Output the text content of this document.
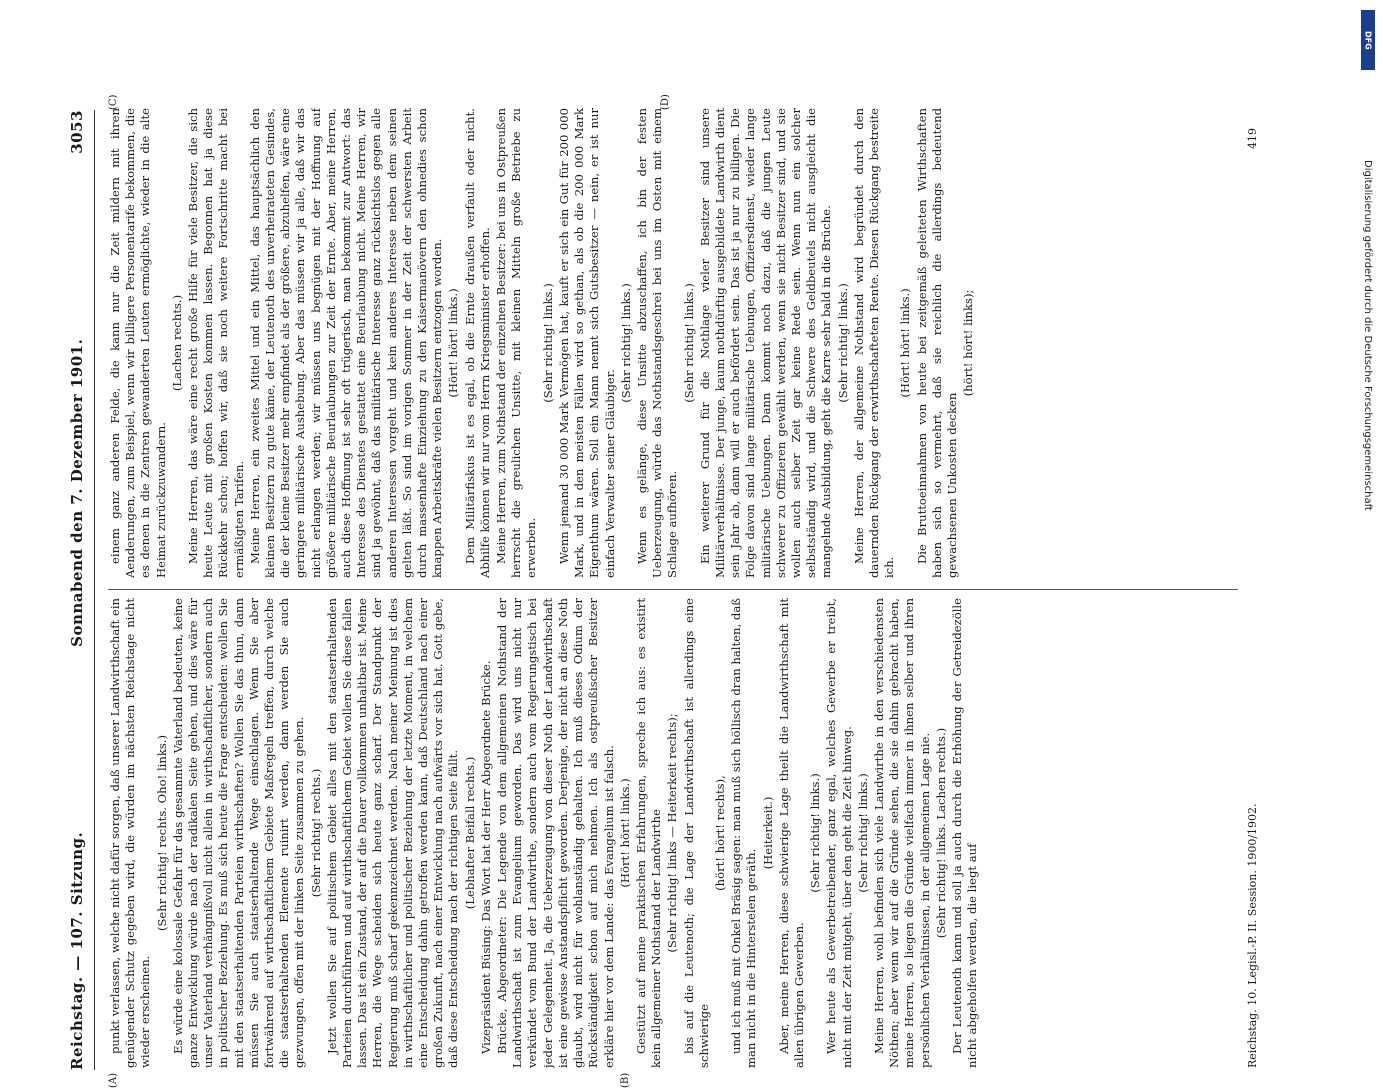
Reichstag. — 107. Sitzung.
Sonnabend den 7. Dezember 1901.
3053
(A)	(B)
(C)	(D)

punkt verlassen, welche nicht dafür sorgen, daß unserer Landwirthschaft ein genügender Schutz gegeben wird, die würden im nächsten Reichstage nicht wieder erscheinen.

(Sehr richtig! rechts. Oho! links.) Es würde eine kolossale Gefahr für das gesammte Vaterland bedeuten, keine ganze Entwicklung würde nach der radikalen Seite gehen, und dies wäre für unser Vaterland verhängnißvoll nicht allein in wirthschaftlicher, sondern auch in politischer Beziehung. Es muß sich heute die Frage entscheiden: wollen Sie mit den staatserhaltenden Parteien wirthschaften? Wollen Sie das thun, dann müssen Sie auch staatserhaltende Wege einschlagen. Wenn Sie aber fortwährend auf wirthschaftlichem Gebiete Maßregeln treffen, durch welche die staatserhaltenden Elemente ruinirt werden, dann werden Sie auch gezwungen, offen mit der linken Seite zusammen zu gehen. (Sehr richtig! rechts.) Jetzt wollen Sie auf politischem Gebiet alles mit den staatserhaltenden Parteien durchführen und auf wirthschaftlichem Gebiet wollen Sie diese fallen lassen. Das ist ein Zustand, der auf die Dauer vollkommen unhaltbar ist. Meine Herren, die Wege scheiden sich heute ganz scharf. Der Standpunkt der Regierung muß scharf gekennzeichnet werden. Nach meiner Meinung ist dies in wirthschaftlicher und politischer Beziehung der letzte Moment, in welchem eine Entscheidung dahin getroffen werden kann, daß Deutschland nach einer großen Zukunft, nach einer Entwicklung nach aufwärts vor sich hat. Gott gebe, daß diese Entscheidung nach der richtigen Seite fällt. (Lebhafter Beifall rechts.) Vizepräsident Büsing: Das Wort hat der Herr Abgeordnete Brücke. Brücke, Abgeordneter: Die Legende von dem allgemeinen Nothstand der Landwirthschaft ist zum Evangelium geworden. Das wird uns nicht nur verkündet vom Bund der Landwirthe, sondern auch vom Regierungstisch bei jeder Gelegenheit. Ja, die Ueberzeugung von dieser Noth der Landwirthschaft ist eine gewisse Anstandspflicht geworden. Derjenige, der nicht an diese Noth glaubt, wird nicht für wohlanständig gehalten. Ich muß dieses Odium der Rückständigkeit schon auf mich nehmen. Ich als ostpreußischer Besitzer erkläre hier vor dem Lande: das Evangelium ist falsch. (Hört! hört! links.) Gestützt auf meine praktischen Erfahrungen, spreche ich aus: es existirt kein allgemeiner Nothstand der Landwirthe (Sehr richtig! links — Heiterkeit rechts); bis auf die Leutenoth; die Lage der Landwirthschaft ist allerdings eine schwierige

(hört! hört! rechts), und ich muß mit Onkel Bräsig sagen: man muß sich höllisch dran halten, daß man nicht in die Hinterstelen geräth.

(Heiterkeit.) Aber, meine Herren, diese schwierige Lage theilt die Landwirthschaft mit allen übrigen Gewerben.

(Sehr richtig! links.) Wer heute als Gewerbetreibender, ganz egal, welches Gewerbe er treibt, nicht mit der Zeit mitgeht, über den geht die Zeit hinweg. (Sehr richtig! links.) Meine Herren, wohl befinden sich viele Landwirthe in den verschiedensten Nöthen; aber wenn wir auf die Gründe sehen, die sie dahin gebracht haben, meine Herren, so liegen die Gründe vielfach immer in ihnen selber und ihren persönlichen Verhältnissen, in der allgemeinen Lage nie. (Sehr richtig! links. Lachen rechts.) Der Leutenoth kann und soll ja auch durch die Erhöhung der Getreidezölle nicht abgeholfen werden, die liegt auf

einem ganz anderen Felde, die kann nur die Zeit mildern mit ihren Aenderungen, zum Beispiel, wenn wir billigere Personentarife bekommen, die es denen in die Zentren gewanderten Leuten ermöglichte, wieder in die alte Heimat zurückzuwandern.

(Lachen rechts.) Meine Herren, das wäre eine recht große Hilfe für viele Besitzer, die sich heute Leute mit großen Kosten kommen lassen. Begonnen hat ja diese Rückkehr schon; hoffen wir, daß sie noch weitere Fortschritte macht bei ermäßigten Tarifen. Meine Herren, ein zweites Mittel und ein Mittel, das hauptsächlich den kleinen Besitzern zu gute käme, der Leutenoth des unverheirateten Gesindes, die der kleine Besitzer mehr empfindet als der größere, abzuhelfen, wäre eine geringere militärische Aushebung. Aber das müssen wir ja alle, daß wir das nicht erlangen werden; wir müssen uns begnügen mit der Hoffnung auf größere militärische Beurlaubungen zur Zeit der Ernte. Aber, meine Herren, auch diese Hoffnung ist sehr oft trügerisch, man bekommt zur Antwort: das Interesse des Dienstes gestattet eine Beurlaubung nicht. Meine Herren, wir sind ja gewöhnt, daß das militärische Interesse ganz rücksichtslos gegen alle anderen Interessen vorgeht und kein anderes Interesse neben dem seinen gelten läßt. So sind im vorigen Sommer in der Zeit der schwersten Arbeit durch massenhafte Einziehung zu den Kaisermanövern den ohnedies schon knappen Arbeitskräfte vielen Besitzern entzogen worden. (Hört! hört! links.) Dem Militärfiskus ist es egal, ob die Ernte draußen verfault oder nicht. Abhilfe können wir nur vom Herrn Kriegsminister erhoffen. Meine Herren, zum Nothstand der einzelnen Besitzer: bei uns in Ostpreußen herrscht die greulichen Unsitte, mit kleinen Mitteln große Betriebe zu erwerben.

(Sehr richtig! links.) Wenn jemand 30 000 Mark Vermögen hat, kauft er sich ein Gut für 200 000 Mark, und in den meisten Fällen wird so gethan, als ob die 200 000 Mark Eigenthum wären. Soll ein Mann nennt sich Gutsbesitzer — nein, er ist nur einfach Verwalter seiner Gläubiger.

(Sehr richtig! links.) Wenn es gelänge, diese Unsitte abzuschaffen, ich bin der festen Ueberzeugung, würde das Nothstandsgeschrei bei uns im Osten mit einem Schlage aufhören.

(Sehr richtig! links.) Ein weiterer Grund für die Nothlage vieler Besitzer sind unsere Militärverhältnisse. Der junge, kaum nothdürftig ausgebildete Landwirth dient sein Jahr ab, dann will er auch befördert sein. Das ist ja nur zu billigen. Die Folge davon sind lange militärische Uebungen, Offiziersdienst, wieder lange militärische Uebungen. Dann kommt noch dazu, daß die jungen Leute schwerer zu Offizieren gewählt werden, wenn sie nicht Besitzer sind, und sie wollen auch selber Zeit gar keine Rede sein. Wenn nun ein solcher selbstständig wird, und die Schwere des Geldbeutels nicht ausgleicht die mangelnde Ausbildung, geht die Karre sehr bald in die Brüche. (Sehr richtig! links.) Meine Herren, der allgemeine Nothstand wird begründet durch den dauernden Rückgang der erwirthschafteten Rente. Diesen Rückgang bestreite ich.

(Hört! hört! links.) Die Bruttoeinnahmen von heute bei zeitgemäß geleiteten Wirthschaften haben sich so vermehrt, daß sie reichlich die allerdings bedeutend gewachsenen Unkosten decken

(hört! hört! links);

Reichstag. 10. Legisl.-P. II. Session. 1900/1902.
419
DFG
Digitalisierung gefördert durch die Deutsche Forschungsgemeinschaft
